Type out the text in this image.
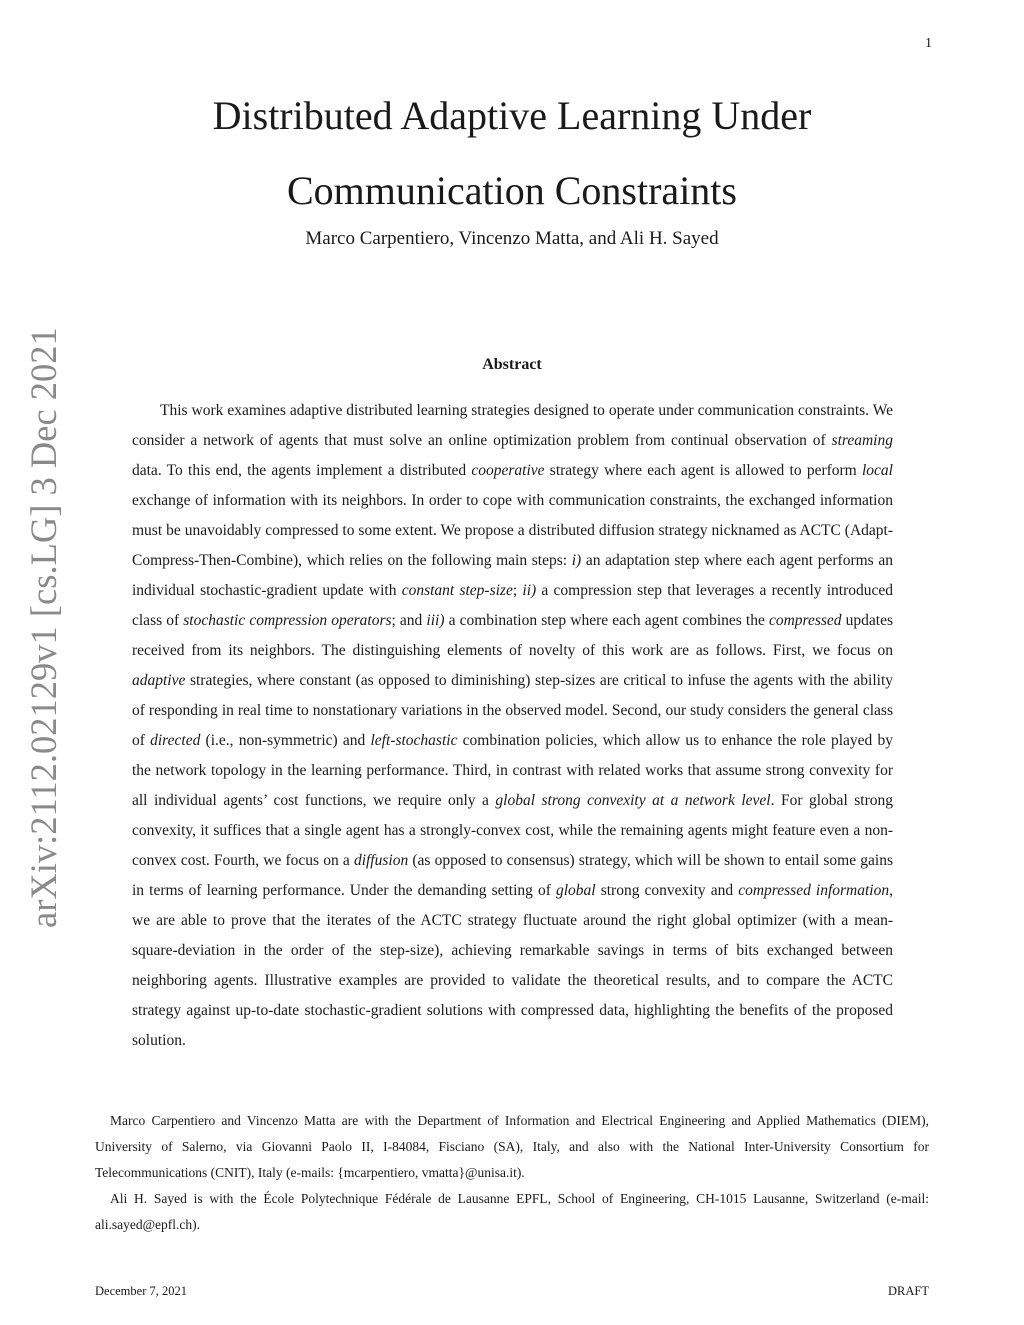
1
arXiv:2112.02129v1 [cs.LG] 3 Dec 2021
Distributed Adaptive Learning Under
Communication Constraints
Marco Carpentiero, Vincenzo Matta, and Ali H. Sayed
Abstract

This work examines adaptive distributed learning strategies designed to operate under communication constraints. We consider a network of agents that must solve an online optimization problem from continual observation of streaming data. To this end, the agents implement a distributed cooperative strategy where each agent is allowed to perform local exchange of information with its neighbors. In order to cope with communication constraints, the exchanged information must be unavoidably compressed to some extent. We propose a distributed diffusion strategy nicknamed as ACTC (Adapt-Compress-Then-Combine), which relies on the following main steps: i) an adaptation step where each agent performs an individual stochastic-gradient update with constant step-size; ii) a compression step that leverages a recently introduced class of stochastic compression operators; and iii) a combination step where each agent combines the compressed updates received from its neighbors. The distinguishing elements of novelty of this work are as follows. First, we focus on adaptive strategies, where constant (as opposed to diminishing) step-sizes are critical to infuse the agents with the ability of responding in real time to nonstationary variations in the observed model. Second, our study considers the general class of directed (i.e., non-symmetric) and left-stochastic combination policies, which allow us to enhance the role played by the network topology in the learning performance. Third, in contrast with related works that assume strong convexity for all individual agents’ cost functions, we require only a global strong convexity at a network level. For global strong convexity, it suffices that a single agent has a strongly-convex cost, while the remaining agents might feature even a non-convex cost. Fourth, we focus on a diffusion (as opposed to consensus) strategy, which will be shown to entail some gains in terms of learning performance. Under the demanding setting of global strong convexity and compressed information, we are able to prove that the iterates of the ACTC strategy fluctuate around the right global optimizer (with a mean-square-deviation in the order of the step-size), achieving remarkable savings in terms of bits exchanged between neighboring agents. Illustrative examples are provided to validate the theoretical results, and to compare the ACTC strategy against up-to-date stochastic-gradient solutions with compressed data, highlighting the benefits of the proposed solution.

Marco Carpentiero and Vincenzo Matta are with the Department of Information and Electrical Engineering and Applied Mathematics (DIEM), University of Salerno, via Giovanni Paolo II, I-84084, Fisciano (SA), Italy, and also with the National Inter-University Consortium for Telecommunications (CNIT), Italy (e-mails: {mcarpentiero, vmatta}@unisa.it).

Ali H. Sayed is with the École Polytechnique Fédérale de Lausanne EPFL, School of Engineering, CH-1015 Lausanne, Switzerland (e-mail: ali.sayed@epfl.ch).

December 7, 2021	DRAFT
